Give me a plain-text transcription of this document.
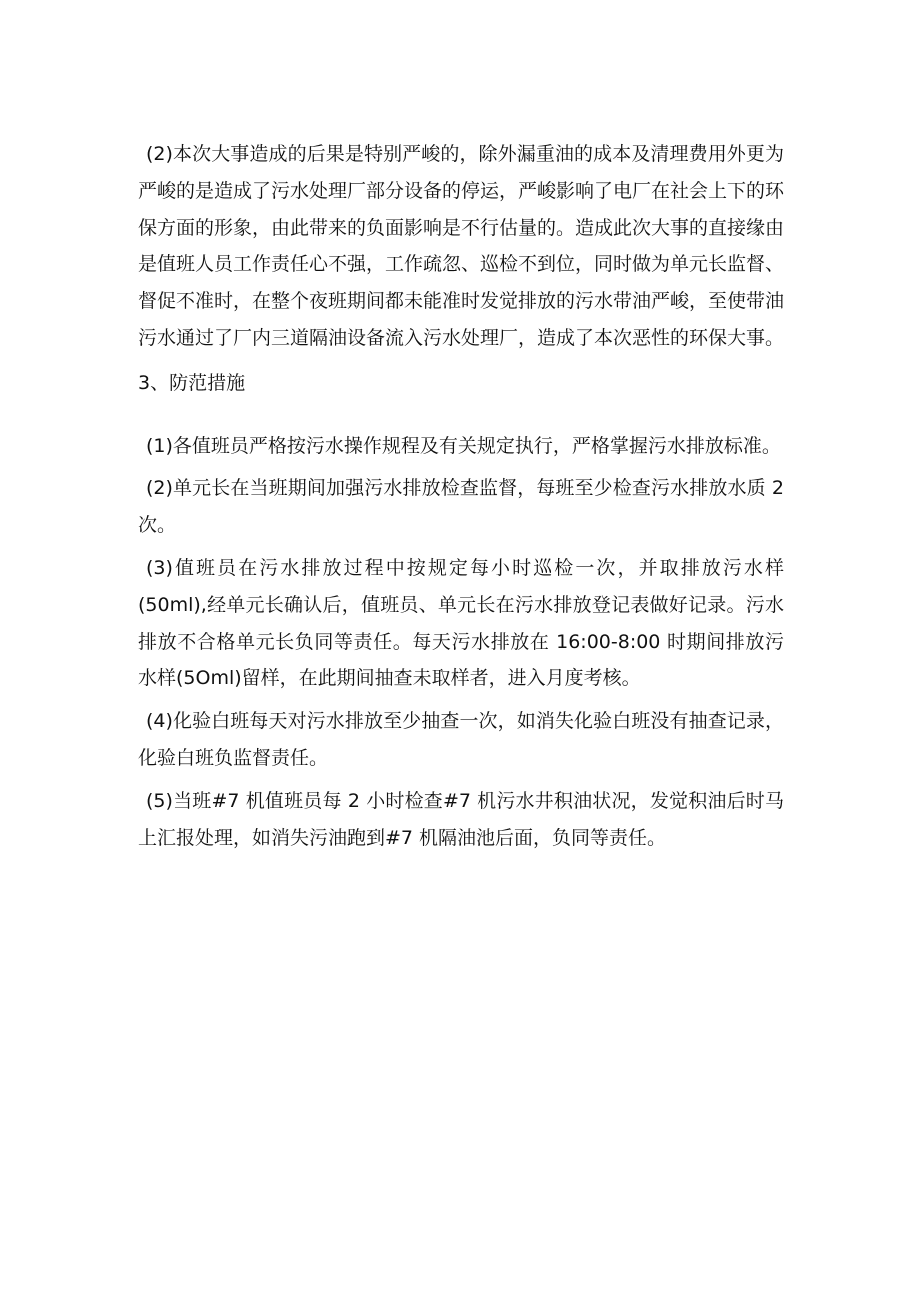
(2)本次大事造成的后果是特别严峻的，除外漏重油的成本及清理费用外更为严峻的是造成了污水处理厂部分设备的停运，严峻影响了电厂在社会上下的环保方面的形象，由此带来的负面影响是不行估量的。造成此次大事的直接缘由是值班人员工作责任心不强，工作疏忽、巡检不到位，同时做为单元长监督、督促不准时，在整个夜班期间都未能准时发觉排放的污水带油严峻，至使带油污水通过了厂内三道隔油设备流入污水处理厂，造成了本次恶性的环保大事。

3、防范措施

(1)各值班员严格按污水操作规程及有关规定执行，严格掌握污水排放标准。

(2)单元长在当班期间加强污水排放检查监督，每班至少检查污水排放水质 2 次。

(3)值班员在污水排放过程中按规定每小时巡检一次，并取排放污水样(50ml),经单元长确认后，值班员、单元长在污水排放登记表做好记录。污水排放不合格单元长负同等责任。每天污水排放在 16:00-8:00 时期间排放污水样(5Oml)留样，在此期间抽查未取样者，进入月度考核。

(4)化验白班每天对污水排放至少抽查一次，如消失化验白班没有抽查记录，化验白班负监督责任。

(5)当班#7 机值班员每 2 小时检查#7 机污水井积油状况，发觉积油后时马上汇报处理，如消失污油跑到#7 机隔油池后面，负同等责任。
